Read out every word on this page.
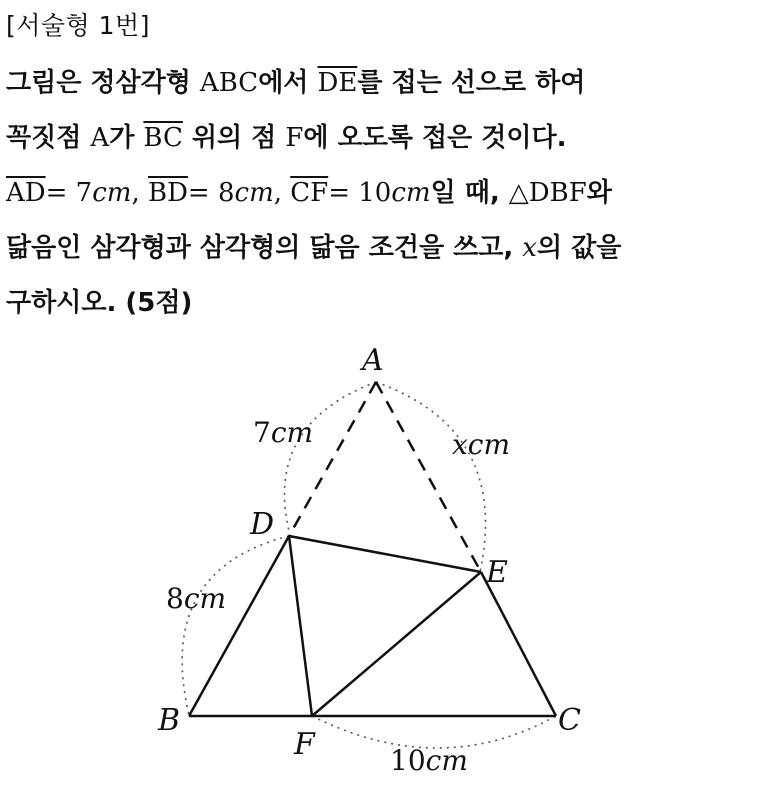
[서술형 1번]
그림은 정삼각형 ABC에서 $\overline{DE}$를 접는 선으로 하여
꼭짓점 A가 $\overline{BC}$ 위의 점 F에 오도록 접은 것이다.
$\overline{AD}= 7cm$, $\overline{BD}= 8cm$, $\overline{CF}= 10cm$일 때, △DBF와
닮음인 삼각형과 삼각형의 닮음 조건을 쓰고, x의 값을
구하시오. (5점)
A
B	C
D
E
F
7cm	xcm
8cm
10cm
